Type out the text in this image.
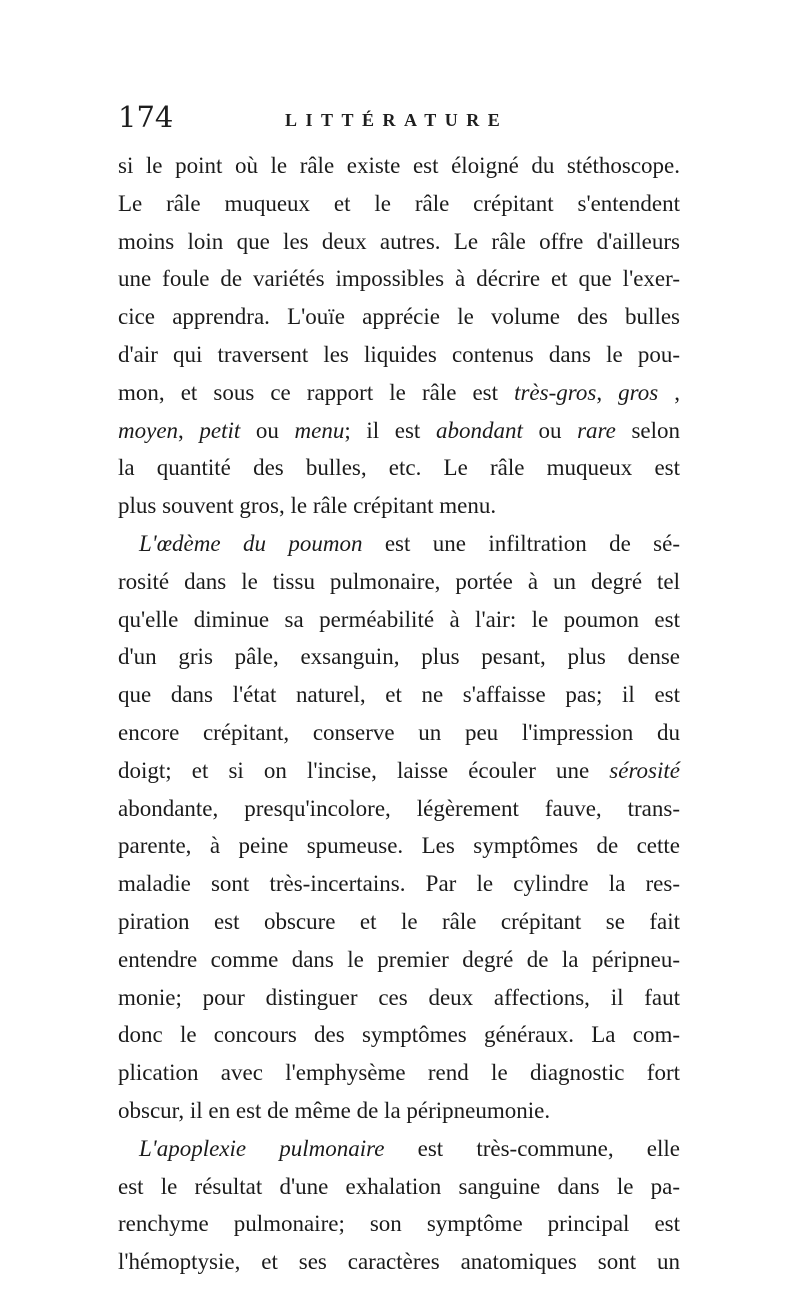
174	LITTÉRATURE
si le point où le râle existe est éloigné du stéthoscope.
Le râle muqueux et le râle crépitant s'entendent
moins loin que les deux autres. Le râle offre d'ailleurs
une foule de variétés impossibles à décrire et que l'exer-
cice apprendra. L'ouïe apprécie le volume des bulles
d'air qui traversent les liquides contenus dans le pou-
mon, et sous ce rapport le râle est très-gros, gros ,
moyen, petit ou menu; il est abondant ou rare selon
la quantité des bulles, etc. Le râle muqueux est
plus souvent gros, le râle crépitant menu.
L'œdème du poumon est une infiltration de sé-
rosité dans le tissu pulmonaire, portée à un degré tel
qu'elle diminue sa perméabilité à l'air: le poumon est
d'un gris pâle, exsanguin, plus pesant, plus dense
que dans l'état naturel, et ne s'affaisse pas; il est
encore crépitant, conserve un peu l'impression du
doigt; et si on l'incise, laisse écouler une sérosité
abondante, presqu'incolore, légèrement fauve, trans-
parente, à peine spumeuse. Les symptômes de cette
maladie sont très-incertains. Par le cylindre la res-
piration est obscure et le râle crépitant se fait
entendre comme dans le premier degré de la péripneu-
monie; pour distinguer ces deux affections, il faut
donc le concours des symptômes généraux. La com-
plication avec l'emphysème rend le diagnostic fort
obscur, il en est de même de la péripneumonie.
L'apoplexie pulmonaire est très-commune, elle
est le résultat d'une exhalation sanguine dans le pa-
renchyme pulmonaire; son symptôme principal est
l'hémoptysie, et ses caractères anatomiques sont un
